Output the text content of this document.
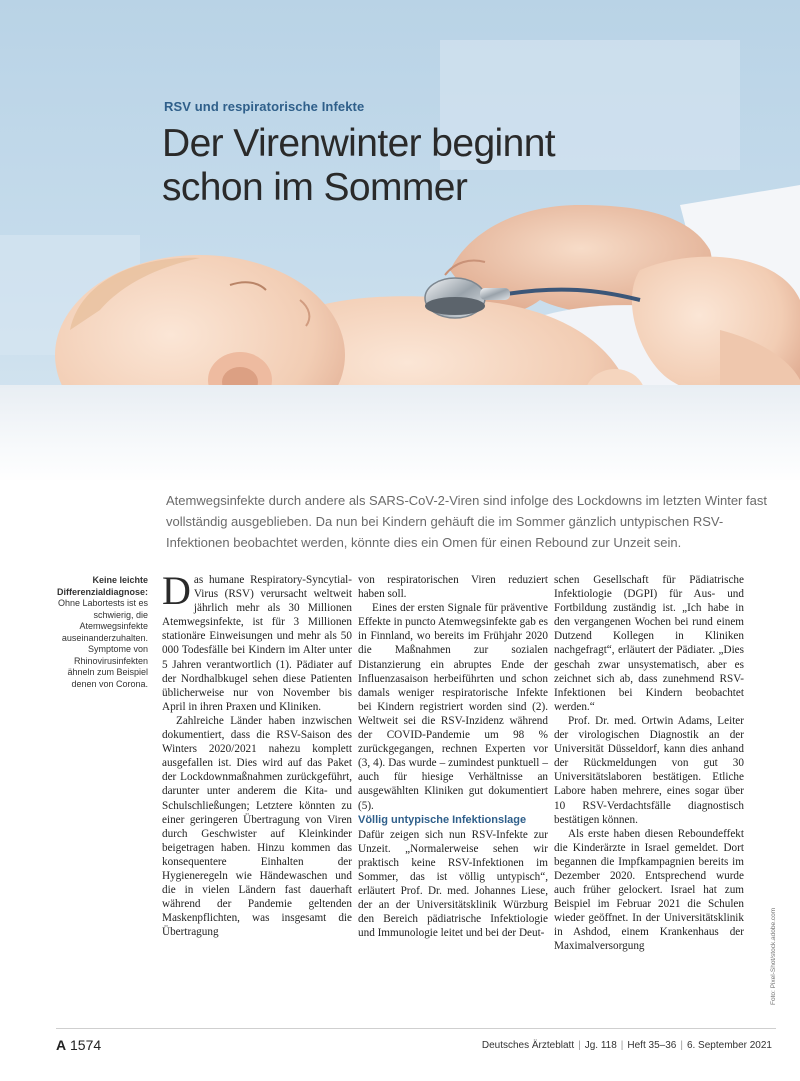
RSV und respiratorische Infekte
Der Virenwinter beginnt
schon im Sommer

Atemwegsinfekte durch andere als SARS-CoV-2-Viren sind infolge des Lockdowns im letzten Winter fast vollständig ausgeblieben. Da nun bei Kindern gehäuft die im Sommer gänzlich untypischen RSV-Infektionen beobachtet werden, könnte dies ein Omen für einen Rebound zur Unzeit sein.

Keine leichte Differenzialdiagnose:
Ohne Labortests ist es schwierig, die Atemwegsinfekte auseinanderzuhalten. Symptome von Rhinovirusinfekten ähneln zum Beispiel denen von Corona.

Das humane Respiratory-Syncytial-Virus (RSV) verursacht weltweit jährlich mehr als 30 Millionen Atemwegsinfekte, ist für 3 Millionen stationäre Einweisungen und mehr als 50 000 Todesfälle bei Kindern im Alter unter 5 Jahren verantwortlich (1). Pädiater auf der Nordhalbkugel sehen diese Patienten üblicherweise nur von November bis April in ihren Praxen und Kliniken.

Zahlreiche Länder haben inzwischen dokumentiert, dass die RSV-Saison des Winters 2020/2021 nahezu komplett ausgefallen ist. Dies wird auf das Paket der Lockdownmaßnahmen zurückgeführt, darunter unter anderem die Kita- und Schulschließungen; Letztere könnten zu einer geringeren Übertragung von Viren durch Geschwister auf Kleinkinder beigetragen haben. Hinzu kommen das konsequentere Einhalten der Hygieneregeln wie Händewaschen und die in vielen Ländern fast dauerhaft während der Pandemie geltenden Maskenpflichten, was insgesamt die Übertragung

von respiratorischen Viren reduziert haben soll.

Eines der ersten Signale für präventive Effekte in puncto Atemwegsinfekte gab es in Finnland, wo bereits im Frühjahr 2020 die Maßnahmen zur sozialen Distanzierung ein abruptes Ende der Influenzasaison herbeiführten und schon damals weniger respiratorische Infekte bei Kindern registriert worden sind (2). Weltweit sei die RSV-Inzidenz während der COVID-Pandemie um 98 % zurückgegangen, rechnen Experten vor (3, 4). Das wurde – zumindest punktuell – auch für hiesige Verhältnisse an ausgewählten Kliniken gut dokumentiert (5).

Völlig untypische Infektionslage

Dafür zeigen sich nun RSV-Infekte zur Unzeit. „Normalerweise sehen wir praktisch keine RSV-Infektionen im Sommer, das ist völlig untypisch“, erläutert Prof. Dr. med. Johannes Liese, der an der Universitätsklinik Würzburg den Bereich pädiatrische Infektiologie und Immunologie leitet und bei der Deut-

schen Gesellschaft für Pädiatrische Infektiologie (DGPI) für Aus- und Fortbildung zuständig ist. „Ich habe in den vergangenen Wochen bei rund einem Dutzend Kollegen in Kliniken nachgefragt“, erläutert der Pädiater. „Dies geschah zwar unsystematisch, aber es zeichnet sich ab, dass zunehmend RSV-Infektionen bei Kindern beobachtet werden.“

Prof. Dr. med. Ortwin Adams, Leiter der virologischen Diagnostik an der Universität Düsseldorf, kann dies anhand der Rückmeldungen von gut 30 Universitätslaboren bestätigen. Etliche Labore haben mehrere, eines sogar über 10 RSV-Verdachtsfälle diagnostisch bestätigen können.

Als erste haben diesen Reboundeffekt die Kinderärzte in Israel gemeldet. Dort begannen die Impfkampagnien bereits im Dezember 2020. Entsprechend wurde auch früher gelockert. Israel hat zum Beispiel im Februar 2021 die Schulen wieder geöffnet. In der Universitätsklinik in Ashdod, einem Krankenhaus der Maximalversorgung	Foto: Pixel-Shot/stock.adobe.com
A 1574	Deutsches Ärzteblatt | Jg. 118 | Heft 35–36 | 6. September 2021
